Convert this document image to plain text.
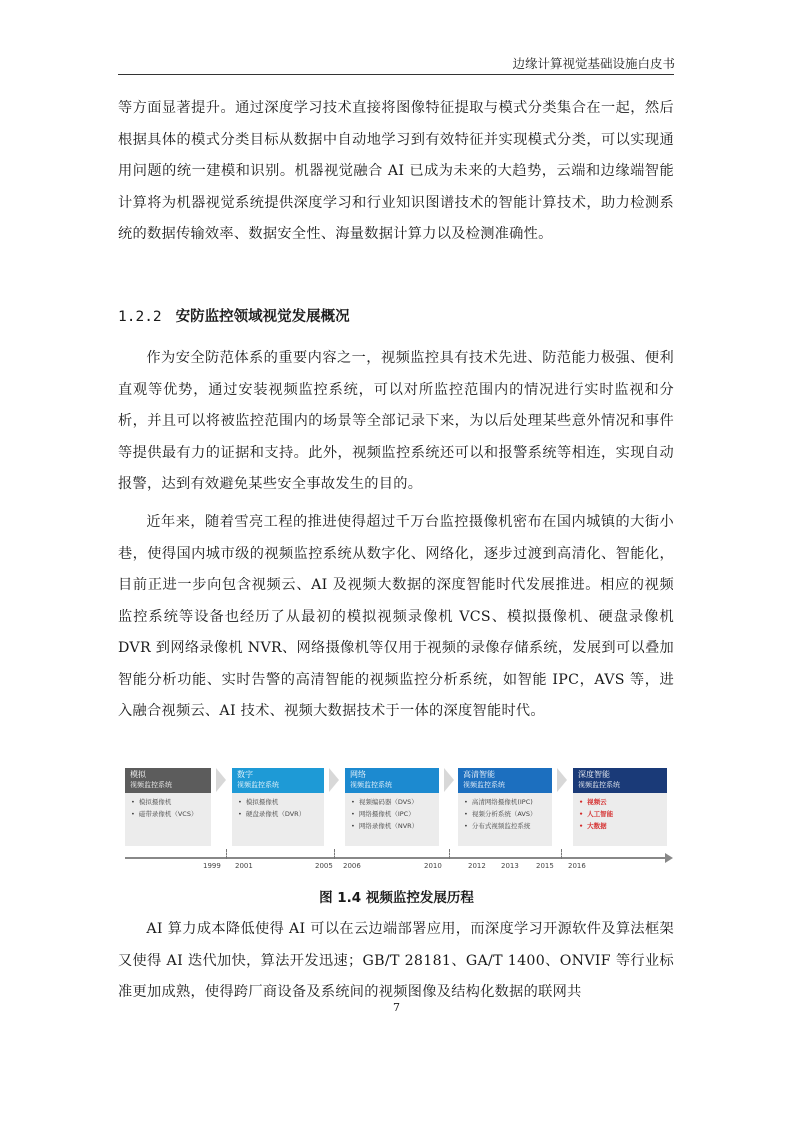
边缘计算视觉基础设施白皮书

等方面显著提升。通过深度学习技术直接将图像特征提取与模式分类集合在一起，然后根据具体的模式分类目标从数据中自动地学习到有效特征并实现模式分类，可以实现通用问题的统一建模和识别。机器视觉融合 AI 已成为未来的大趋势，云端和边缘端智能计算将为机器视觉系统提供深度学习和行业知识图谱技术的智能计算技术，助力检测系统的数据传输效率、数据安全性、海量数据计算力以及检测准确性。

1.2.2 安防监控领域视觉发展概况

作为安全防范体系的重要内容之一，视频监控具有技术先进、防范能力极强、便利直观等优势，通过安装视频监控系统，可以对所监控范围内的情况进行实时监视和分析，并且可以将被监控范围内的场景等全部记录下来，为以后处理某些意外情况和事件等提供最有力的证据和支持。此外，视频监控系统还可以和报警系统等相连，实现自动报警，达到有效避免某些安全事故发生的目的。

近年来，随着雪亮工程的推进使得超过千万台监控摄像机密布在国内城镇的大街小巷，使得国内城市级的视频监控系统从数字化、网络化，逐步过渡到高清化、智能化，目前正进一步向包含视频云、AI 及视频大数据的深度智能时代发展推进。相应的视频监控系统等设备也经历了从最初的模拟视频录像机 VCS、模拟摄像机、硬盘录像机 DVR 到网络录像机 NVR、网络摄像机等仅用于视频的录像存储系统，发展到可以叠加智能分析功能、实时告警的高清智能的视频监控分析系统，如智能 IPC，AVS 等，进入融合视频云、AI 技术、视频大数据技术于一体的深度智能时代。

模拟
视频监控系统
• 模拟摄像机
• 磁带录像机（VCS）
数字
视频监控系统
• 模拟摄像机
• 硬盘录像机（DVR）
网络
视频监控系统
• 视频编码器（DVS）
• 网络摄像机（IPC）
• 网络录像机（NVR）
高清智能
视频监控系统
• 高清网络摄像机(IPC)
• 视频分析系统（AVS）
• 分布式视频监控系统
深度智能
视频监控系统
• 视频云
• 人工智能
• 大数据
1999 2001	2005 2006	2010	2012 2013 2015 2016
图 1.4 视频监控发展历程

AI 算力成本降低使得 AI 可以在云边端部署应用，而深度学习开源软件及算法框架又使得 AI 迭代加快，算法开发迅速；GB/T 28181、GA/T 1400、ONVIF 等行业标准更加成熟，使得跨厂商设备及系统间的视频图像及结构化数据的联网共

7
